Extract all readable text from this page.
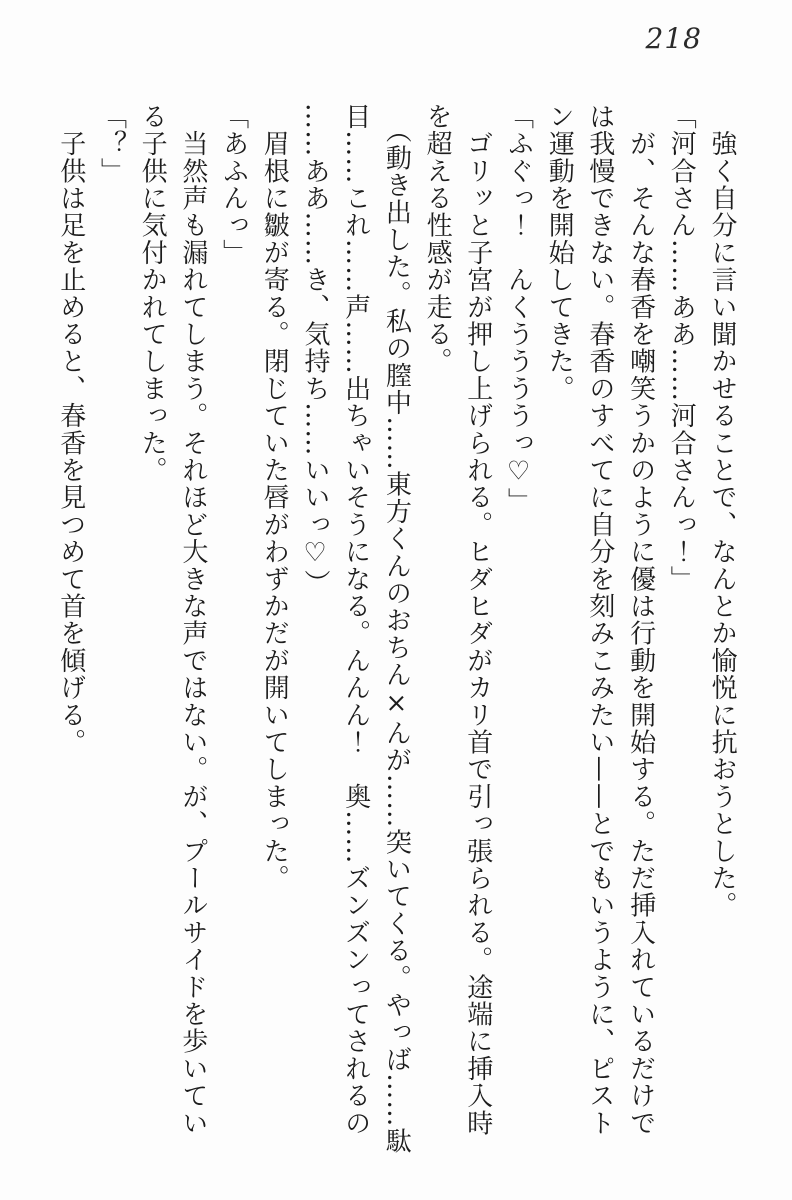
218

　強く自分に言い聞かせることで、なんとか愉悦に抗おうとした。

「河合さん……ああ……河合さんっ！」

　が、そんな春香を嘲笑うかのように優は行動を開始する。ただ挿入れているだけで

は我慢できない。春香のすべてに自分を刻みこみたい——とでもいうように、ピスト

ン運動を開始してきた。

「ふぐっ！　んくううううっ♡」

　ゴリッと子宮が押し上げられる。ヒダヒダがカリ首で引っ張られる。途端に挿入時

を超える性感が走る。

　（動き出した。私の膣中……東方くんのおちん×んが……突いてくる。やっば……駄

目……これ……声……出ちゃいそうになる。んんん！　奥……ズンズンってされるの

……ああ……き、気持ち……いいっ♡）

　眉根に皺が寄る。閉じていた唇がわずかだが開いてしまった。

「あふんっ」

　当然声も漏れてしまう。それほど大きな声ではない。が、プールサイドを歩いてい

る子供に気付かれてしまった。

「？」

　子供は足を止めると、春香を見つめて首を傾げる。
